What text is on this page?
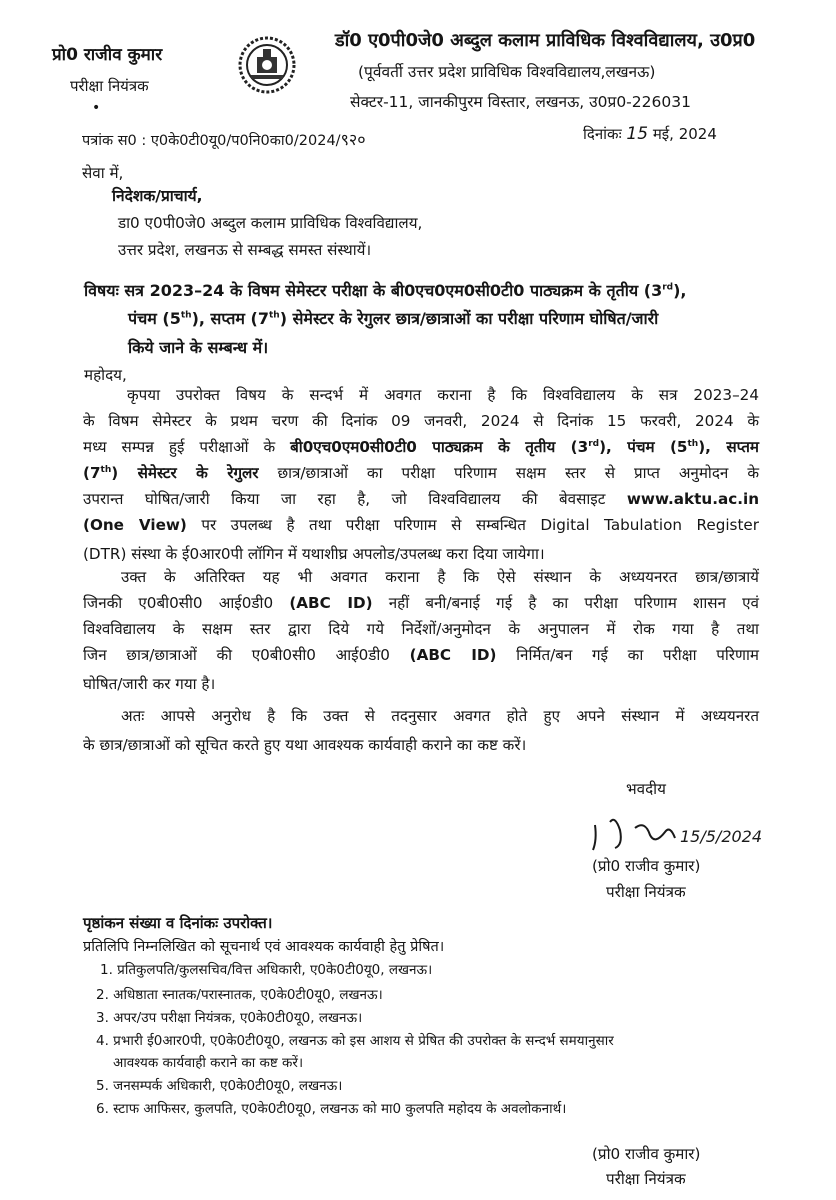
प्रो0 राजीव कुमार
परीक्षा नियंत्रक
•
डॉ0 ए0पी0जे0 अब्दुल कलाम प्राविधिक विश्वविद्यालय, उ0प्र0
(पूर्ववर्ती उत्तर प्रदेश प्राविधिक विश्वविद्यालय,लखनऊ)
सेक्टर-11, जानकीपुरम विस्तार, लखनऊ, उ0प्र0-226031
पत्रांक स0 : ए0के0टी0यू0/प0नि0का0/2024/९२०	दिनांकः 15 मई, 2024
सेवा में,
निदेशक/प्राचार्य,
डा0 ए0पी0जे0 अब्दुल कलाम प्राविधिक विश्वविद्यालय,
उत्तर प्रदेश, लखनऊ से सम्बद्ध समस्त संस्थायें।
विषयः सत्र 2023–24 के विषम सेमेस्टर परीक्षा के बी0एच0एम0सी0टी0 पाठ्यक्रम के तृतीय (3rd),
पंचम (5th), सप्तम (7th) सेमेस्टर के रेगुलर छात्र/छात्राओं का परीक्षा परिणाम घोषित/जारी
किये जाने के सम्बन्ध में।
महोदय,
कृपया उपरोक्त विषय के सन्दर्भ में अवगत कराना है कि विश्वविद्यालय के सत्र 2023–24
के विषम सेमेस्टर के प्रथम चरण की दिनांक 09 जनवरी, 2024 से दिनांक 15 फरवरी, 2024 के
मध्य सम्पन्न हुई परीक्षाओं के बी0एच0एम0सी0टी0 पाठ्यक्रम के तृतीय (3rd), पंचम (5th), सप्तम
(7th) सेमेस्टर के रेगुलर छात्र/छात्राओं का परीक्षा परिणाम सक्षम स्तर से प्राप्त अनुमोदन के
उपरान्त घोषित/जारी किया जा रहा है, जो विश्वविद्यालय की बेवसाइट www.aktu.ac.in
(One View) पर उपलब्ध है तथा परीक्षा परिणाम से सम्बन्धित Digital Tabulation Register
(DTR) संस्था के ई0आर0पी लॉगिन में यथाशीघ्र अपलोड/उपलब्ध करा दिया जायेगा।
उक्त के अतिरिक्त यह भी अवगत कराना है कि ऐसे संस्थान के अध्ययनरत छात्र/छात्रायें
जिनकी ए0बी0सी0 आई0डी0 (ABC ID) नहीं बनी/बनाई गई है का परीक्षा परिणाम शासन एवं
विश्वविद्यालय के सक्षम स्तर द्वारा दिये गये निर्देशों/अनुमोदन के अनुपालन में रोक गया है तथा
जिन छात्र/छात्राओं की ए0बी0सी0 आई0डी0 (ABC ID) निर्मित/बन गई का परीक्षा परिणाम
घोषित/जारी कर गया है।
अतः आपसे अनुरोध है कि उक्त से तदनुसार अवगत होते हुए अपने संस्थान में अध्ययनरत
के छात्र/छात्राओं को सूचित करते हुए यथा आवश्यक कार्यवाही कराने का कष्ट करें।
भवदीय
15/5/2024
(प्रो0 राजीव कुमार)
परीक्षा नियंत्रक
पृष्ठांकन संख्या व दिनांकः उपरोक्त।
प्रतिलिपि निम्नलिखित को सूचनार्थ एवं आवश्यक कार्यवाही हेतु प्रेषित।
1. प्रतिकुलपति/कुलसचिव/वित्त अधिकारी, ए0के0टी0यू0, लखनऊ।
2. अधिष्ठाता स्नातक/परास्नातक, ए0के0टी0यू0, लखनऊ।
3. अपर/उप परीक्षा नियंत्रक, ए0के0टी0यू0, लखनऊ।
4. प्रभारी ई0आर0पी, ए0के0टी0यू0, लखनऊ को इस आशय से प्रेषित की उपरोक्त के सन्दर्भ समयानुसार
आवश्यक कार्यवाही कराने का कष्ट करें।
5. जनसम्पर्क अधिकारी, ए0के0टी0यू0, लखनऊ।
6. स्टाफ आफिसर, कुलपति, ए0के0टी0यू0, लखनऊ को मा0 कुलपति महोदय के अवलोकनार्थ।
(प्रो0 राजीव कुमार)
परीक्षा नियंत्रक
